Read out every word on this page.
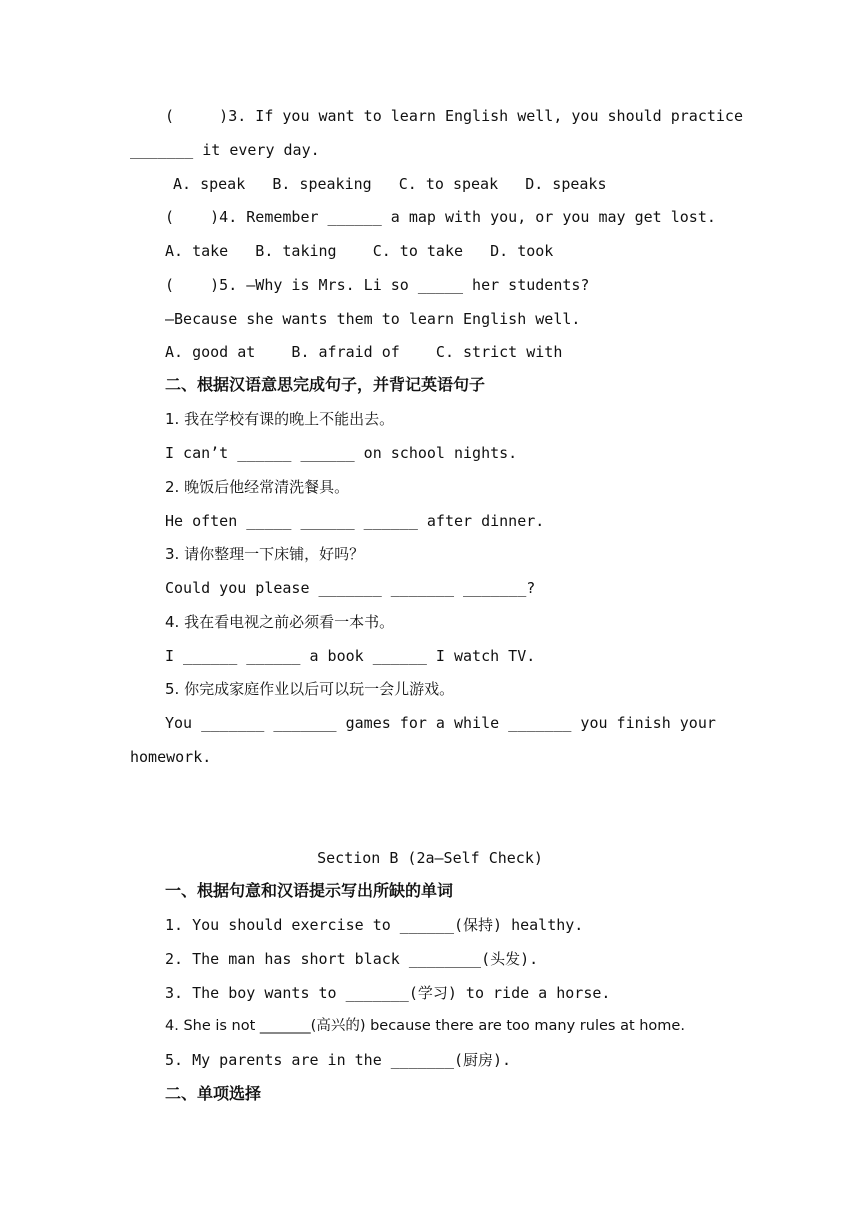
(     )3. If you want to learn English well, you should practice
_______ it every day.
A. speak   B. speaking   C. to speak   D. speaks
(    )4. Remember ______ a map with you, or you may get lost.
A. take   B. taking    C. to take   D. took
(    )5. —Why is Mrs. Li so _____ her students?
—Because she wants them to learn English well.
A. good at    B. afraid of    C. strict with
二、根据汉语意思完成句子，并背记英语句子
1. 我在学校有课的晚上不能出去。
I can’t ______ ______ on school nights.
2. 晚饭后他经常清洗餐具。
He often _____ ______ ______ after dinner.
3. 请你整理一下床铺，好吗？
Could you please _______ _______ _______?
4. 我在看电视之前必须看一本书。
I ______ ______ a book ______ I watch TV.
5. 你完成家庭作业以后可以玩一会儿游戏。
You _______ _______ games for a while _______ you finish your
homework.
Section B (2a—Self Check)
一、根据句意和汉语提示写出所缺的单词
1. You should exercise to ______(保持) healthy.
2. The man has short black ________(头发).
3. The boy wants to _______(学习) to ride a horse.
4. She is not _______(高兴的) because there are too many rules at home.
5. My parents are in the _______(厨房).
二、单项选择
